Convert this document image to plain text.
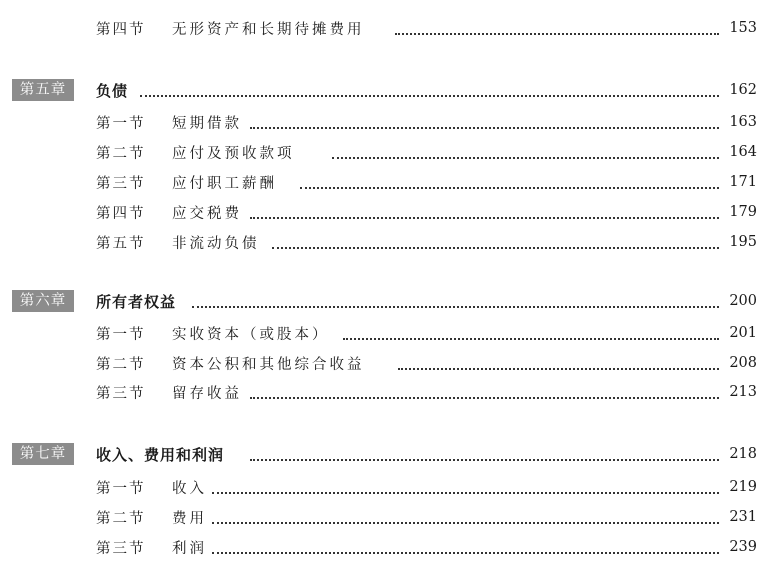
第四节 无形资产和长期待摊费用	153
第五章	负债	162
第一节 短期借款	163
第二节 应付及预收款项	164
第三节 应付职工薪酬	171
第四节 应交税费	179
第五节 非流动负债	195
第六章	所有者权益	200
第一节 实收资本（或股本）	201
第二节 资本公积和其他综合收益	208
第三节 留存收益	213
第七章	收入、费用和利润	218
第一节 收入	219
第二节 费用	231
第三节 利润	239
